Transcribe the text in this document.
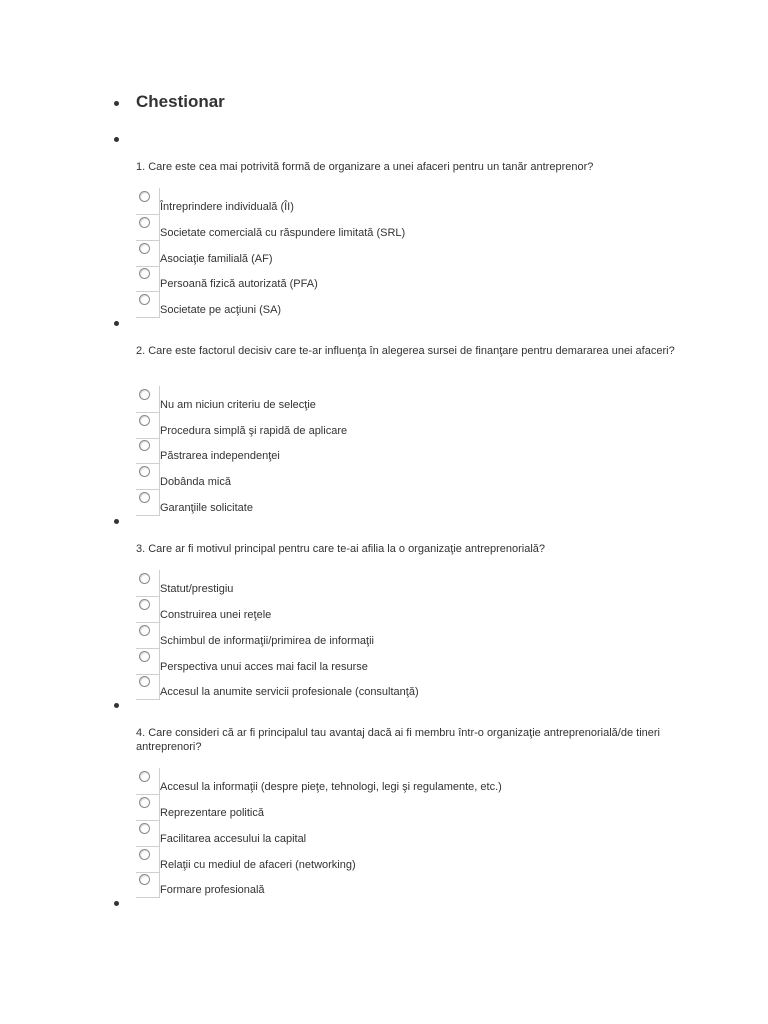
Chestionar

1. Care este cea mai potrivită formă de organizare a unei afaceri pentru un tanăr antreprenor?

Întreprindere individuală (ÎI)
Societate comercială cu răspundere limitată (SRL)
Asociaţie familială (AF)
Persoană fizică autorizată (PFA)
Societate pe acţiuni (SA)

2. Care este factorul decisiv care te-ar influenţa în alegerea sursei de finanţare pentru demararea unei afaceri?

Nu am niciun criteriu de selecţie
Procedura simplă şi rapidă de aplicare
Păstrarea independenţei
Dobânda mică
Garanţiile solicitate

3. Care ar fi motivul principal pentru care te-ai afilia la o organizaţie antreprenorială?

Statut/prestigiu
Construirea unei reţele
Schimbul de informaţii/primirea de informaţii
Perspectiva unui acces mai facil la resurse
Accesul la anumite servicii profesionale (consultanţă)

4. Care consideri că ar fi principalul tau avantaj dacă ai fi membru într-o organizaţie antreprenorială/de tineri antreprenori?

Accesul la informaţii (despre pieţe, tehnologi, legi şi regulamente, etc.)
Reprezentare politică
Facilitarea accesului la capital
Relaţii cu mediul de afaceri (networking)
Formare profesională
